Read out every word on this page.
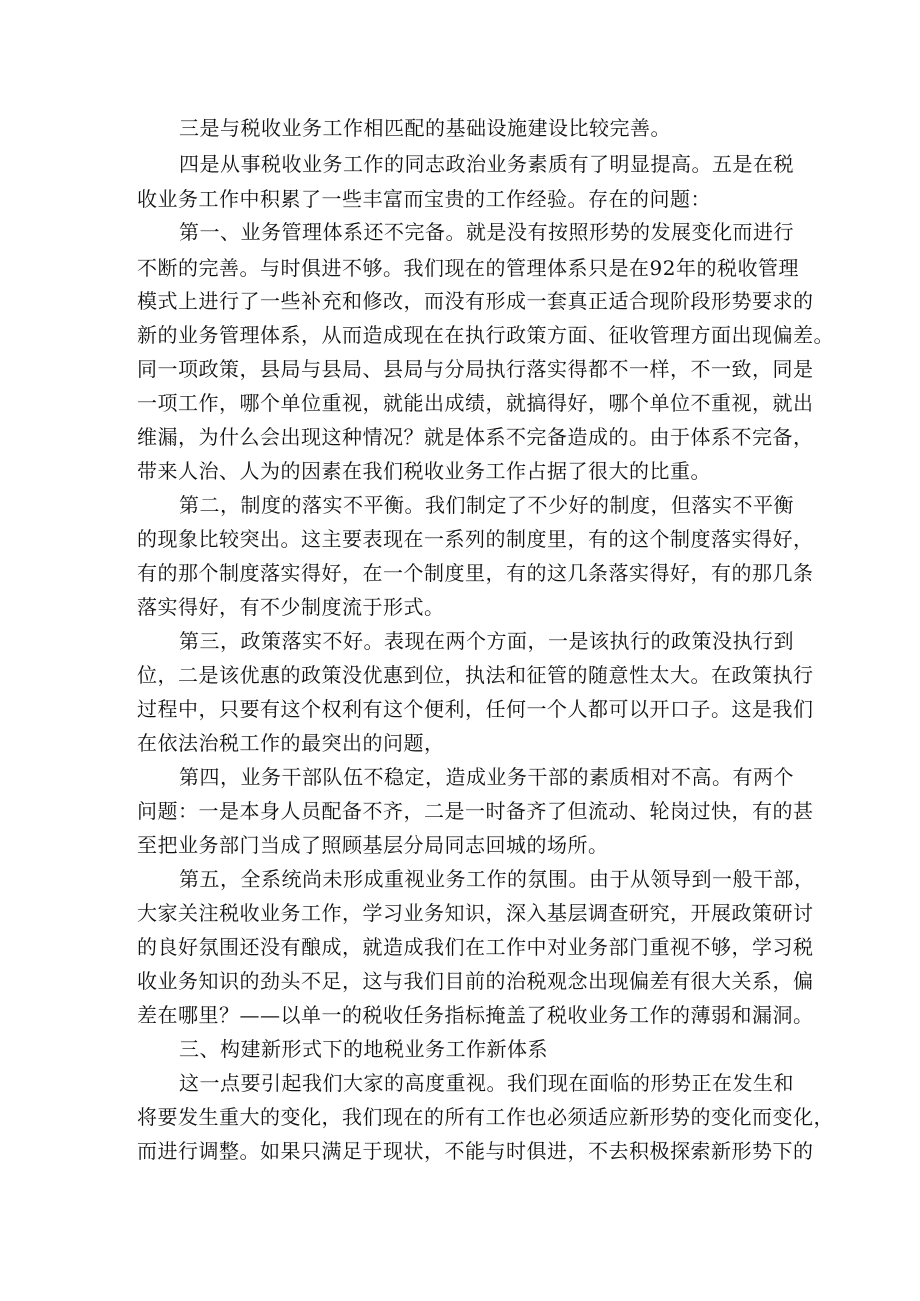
三是与税收业务工作相匹配的基础设施建设比较完善。
四是从事税收业务工作的同志政治业务素质有了明显提高。五是在税
收业务工作中积累了一些丰富而宝贵的工作经验。存在的问题：
第一、业务管理体系还不完备。就是没有按照形势的发展变化而进行
不断的完善。与时俱进不够。我们现在的管理体系只是在92年的税收管理
模式上进行了一些补充和修改，而没有形成一套真正适合现阶段形势要求的
新的业务管理体系，从而造成现在在执行政策方面、征收管理方面出现偏差。
同一项政策，县局与县局、县局与分局执行落实得都不一样，不一致，同是
一项工作，哪个单位重视，就能出成绩，就搞得好，哪个单位不重视，就出
维漏，为什么会出现这种情况？就是体系不完备造成的。由于体系不完备，
带来人治、人为的因素在我们税收业务工作占据了很大的比重。
第二，制度的落实不平衡。我们制定了不少好的制度，但落实不平衡
的现象比较突出。这主要表现在一系列的制度里，有的这个制度落实得好，
有的那个制度落实得好，在一个制度里，有的这几条落实得好，有的那几条
落实得好，有不少制度流于形式。
第三，政策落实不好。表现在两个方面，一是该执行的政策没执行到
位，二是该优惠的政策没优惠到位，执法和征管的随意性太大。在政策执行
过程中，只要有这个权利有这个便利，任何一个人都可以开口子。这是我们
在依法治税工作的最突出的问题，
第四，业务干部队伍不稳定，造成业务干部的素质相对不高。有两个
问题：一是本身人员配备不齐，二是一时备齐了但流动、轮岗过快，有的甚
至把业务部门当成了照顾基层分局同志回城的场所。
第五，全系统尚未形成重视业务工作的氛围。由于从领导到一般干部，
大家关注税收业务工作，学习业务知识，深入基层调查研究，开展政策研讨
的良好氛围还没有酿成，就造成我们在工作中对业务部门重视不够，学习税
收业务知识的劲头不足，这与我们目前的治税观念出现偏差有很大关系，偏
差在哪里？——以单一的税收任务指标掩盖了税收业务工作的薄弱和漏洞。
三、构建新形式下的地税业务工作新体系
这一点要引起我们大家的高度重视。我们现在面临的形势正在发生和
将要发生重大的变化，我们现在的所有工作也必须适应新形势的变化而变化，
而进行调整。如果只满足于现状，不能与时俱进，不去积极探索新形势下的
